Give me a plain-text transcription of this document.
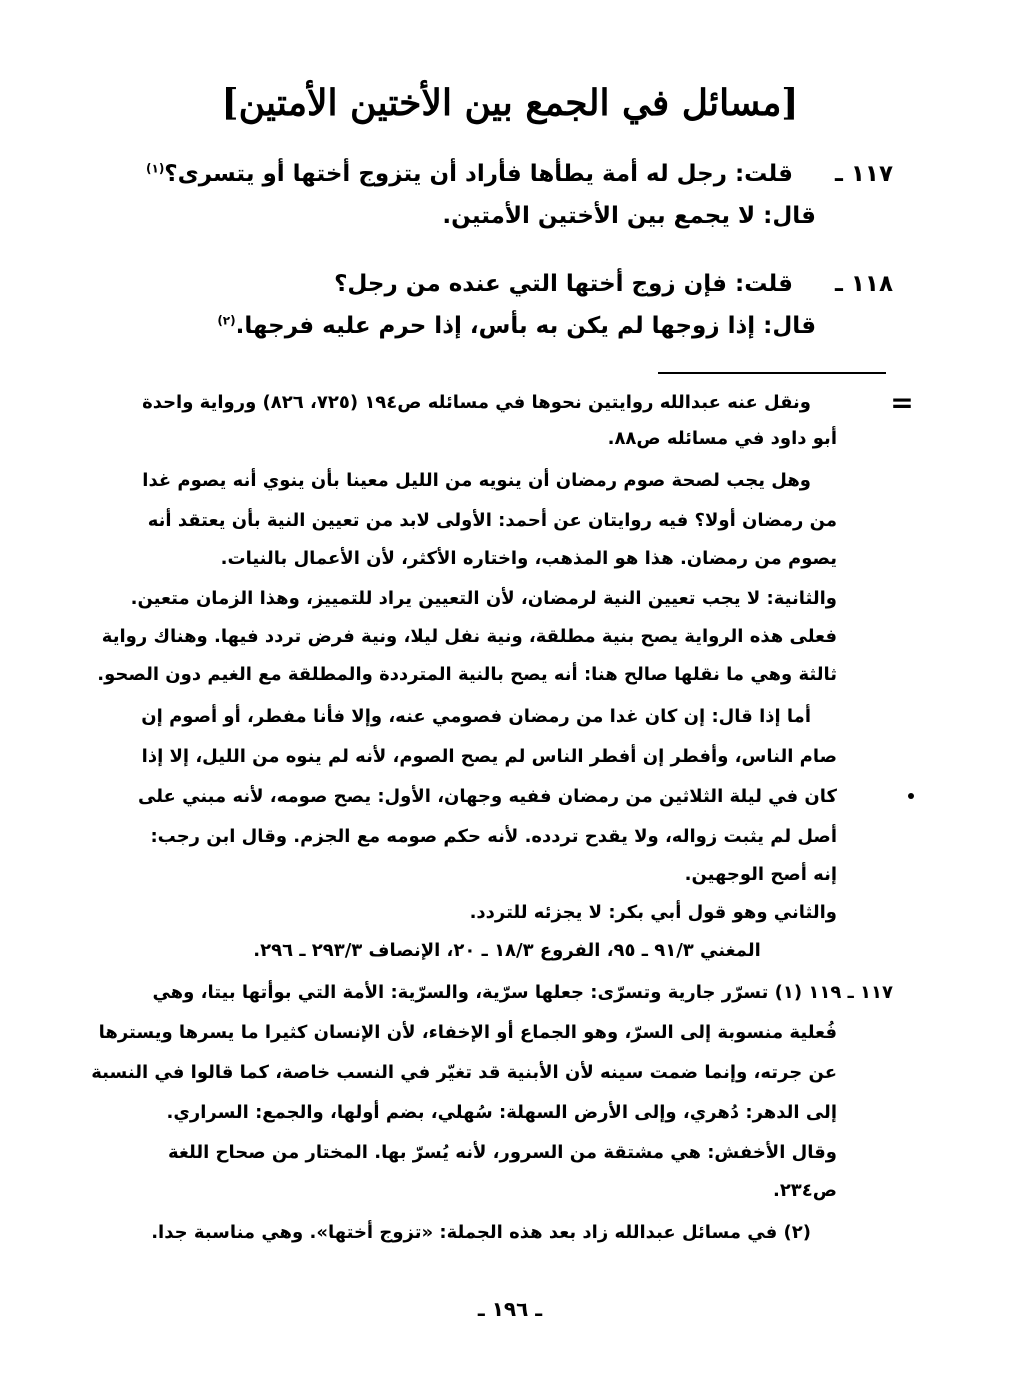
[مسائل في الجمع بين الأختين الأمتين]
١١٧ ـ قلت: رجل له أمة يطأها فأراد أن يتزوج أختها أو يتسرى؟$^{(١)}$
قال: لا يجمع بين الأختين الأمتين.
١١٨ ـ قلت: فإن زوج أختها التي عنده من رجل؟
قال: إذا زوجها لم يكن به بأس، إذا حرم عليه فرجها.$^{(٢)}$
=
ونقل عنه عبدالله روايتين نحوها في مسائله ص١٩٤ (٧٢٥، ٨٢٦) ورواية واحدة
أبو داود في مسائله ص٨٨.
وهل يجب لصحة صوم رمضان أن ينويه من الليل معينا بأن ينوي أنه يصوم غدا
من رمضان أولا؟ فيه روايتان عن أحمد: الأولى لابد من تعيين النية بأن يعتقد أنه
يصوم من رمضان. هذا هو المذهب، واختاره الأكثر، لأن الأعمال بالنيات.
والثانية: لا يجب تعيين النية لرمضان، لأن التعيين يراد للتمييز، وهذا الزمان متعين.
فعلى هذه الرواية يصح بنية مطلقة، ونية نفل ليلا، ونية فرض تردد فيها. وهناك رواية
ثالثة وهي ما نقلها صالح هنا: أنه يصح بالنية المترددة والمطلقة مع الغيم دون الصحو.
أما إذا قال: إن كان غدا من رمضان فصومي عنه، وإلا فأنا مفطر، أو أصوم إن
صام الناس، وأفطر إن أفطر الناس لم يصح الصوم، لأنه لم ينوه من الليل، إلا إذا
كان في ليلة الثلاثين من رمضان ففيه وجهان، الأول: يصح صومه، لأنه مبني على
أصل لم يثبت زواله، ولا يقدح تردده. لأنه حكم صومه مع الجزم. وقال ابن رجب:
إنه أصح الوجهين.
والثاني وهو قول أبي بكر: لا يجزئه للتردد.
المغني ٩١/٣ ـ ٩٥، الفروع ١٨/٣ ـ ٢٠، الإنصاف ٢٩٣/٣ ـ ٢٩٦.
١١٧ ـ ١١٩ (١) تسرّر جارية وتسرّى: جعلها سرّية، والسرّية: الأمة التي بوأتها بيتا، وهي
فُعلية منسوبة إلى السرّ، وهو الجماع أو الإخفاء، لأن الإنسان كثيرا ما يسرها ويسترها
عن جرته، وإنما ضمت سينه لأن الأبنية قد تغيّر في النسب خاصة، كما قالوا في النسبة
إلى الدهر: دُهري، وإلى الأرض السهلة: سُهلي، بضم أولها، والجمع: السراري.
وقال الأخفش: هي مشتقة من السرور، لأنه يُسرّ بها. المختار من صحاح اللغة
ص٢٣٤.
(٢) في مسائل عبدالله زاد بعد هذه الجملة: «تزوج أختها». وهي مناسبة جدا.
ـ ١٩٦ ـ
